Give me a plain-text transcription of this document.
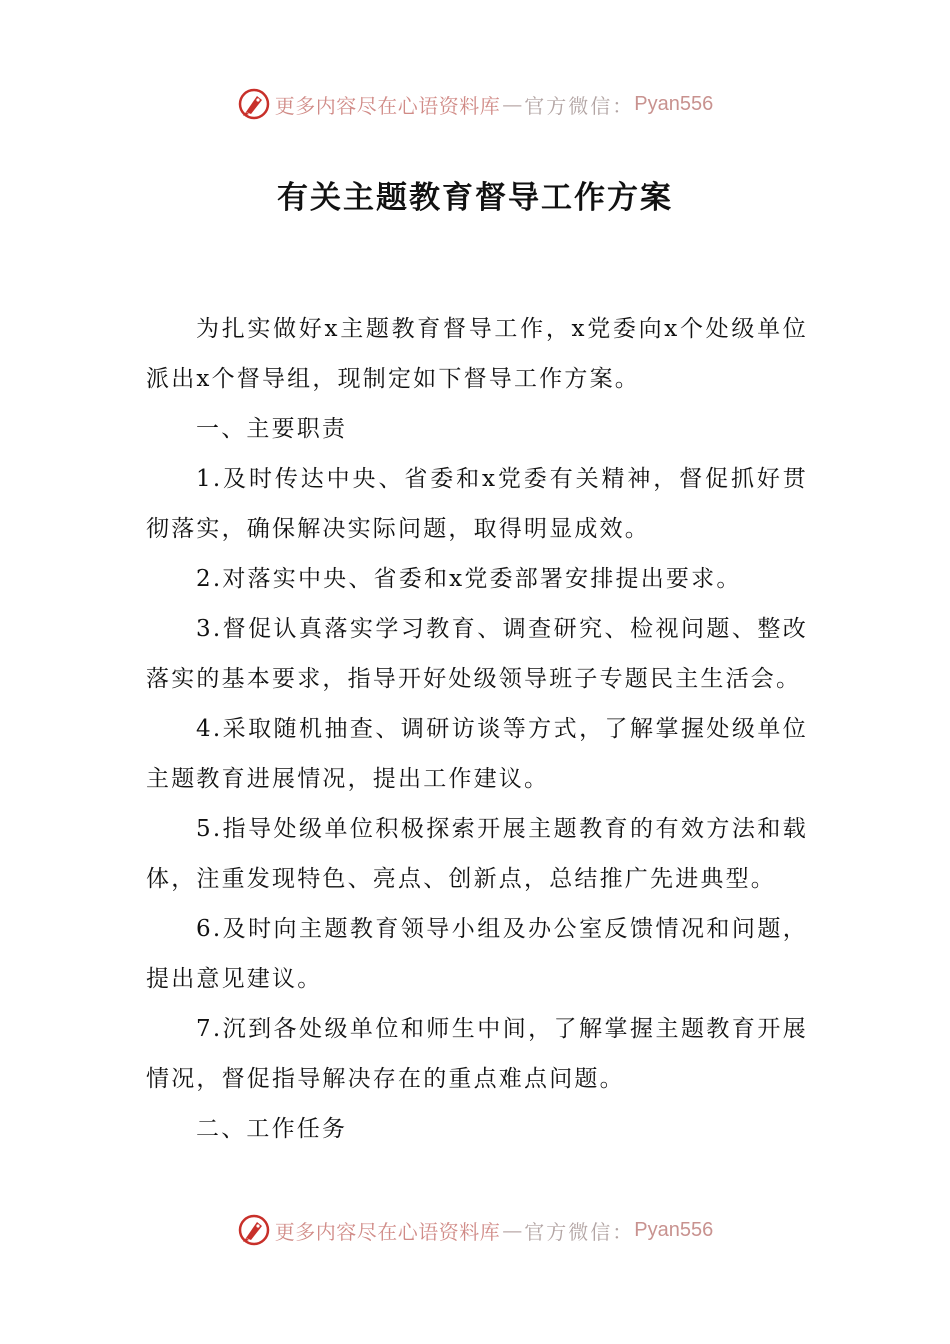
更多内容尽在心语资料库 — 官方微信： Pyan556
有关主题教育督导工作方案

为扎实做好x主题教育督导工作，x党委向x个处级单位派出x个督导组，现制定如下督导工作方案。

一、主要职责

1.及时传达中央、省委和x党委有关精神，督促抓好贯彻落实，确保解决实际问题，取得明显成效。

2.对落实中央、省委和x党委部署安排提出要求。

3.督促认真落实学习教育、调查研究、检视问题、整改落实的基本要求，指导开好处级领导班子专题民主生活会。

4.采取随机抽查、调研访谈等方式，了解掌握处级单位主题教育进展情况，提出工作建议。

5.指导处级单位积极探索开展主题教育的有效方法和载体，注重发现特色、亮点、创新点，总结推广先进典型。

6.及时向主题教育领导小组及办公室反馈情况和问题，提出意见建议。

7.沉到各处级单位和师生中间，了解掌握主题教育开展情况，督促指导解决存在的重点难点问题。

二、工作任务

更多内容尽在心语资料库 — 官方微信： Pyan556
